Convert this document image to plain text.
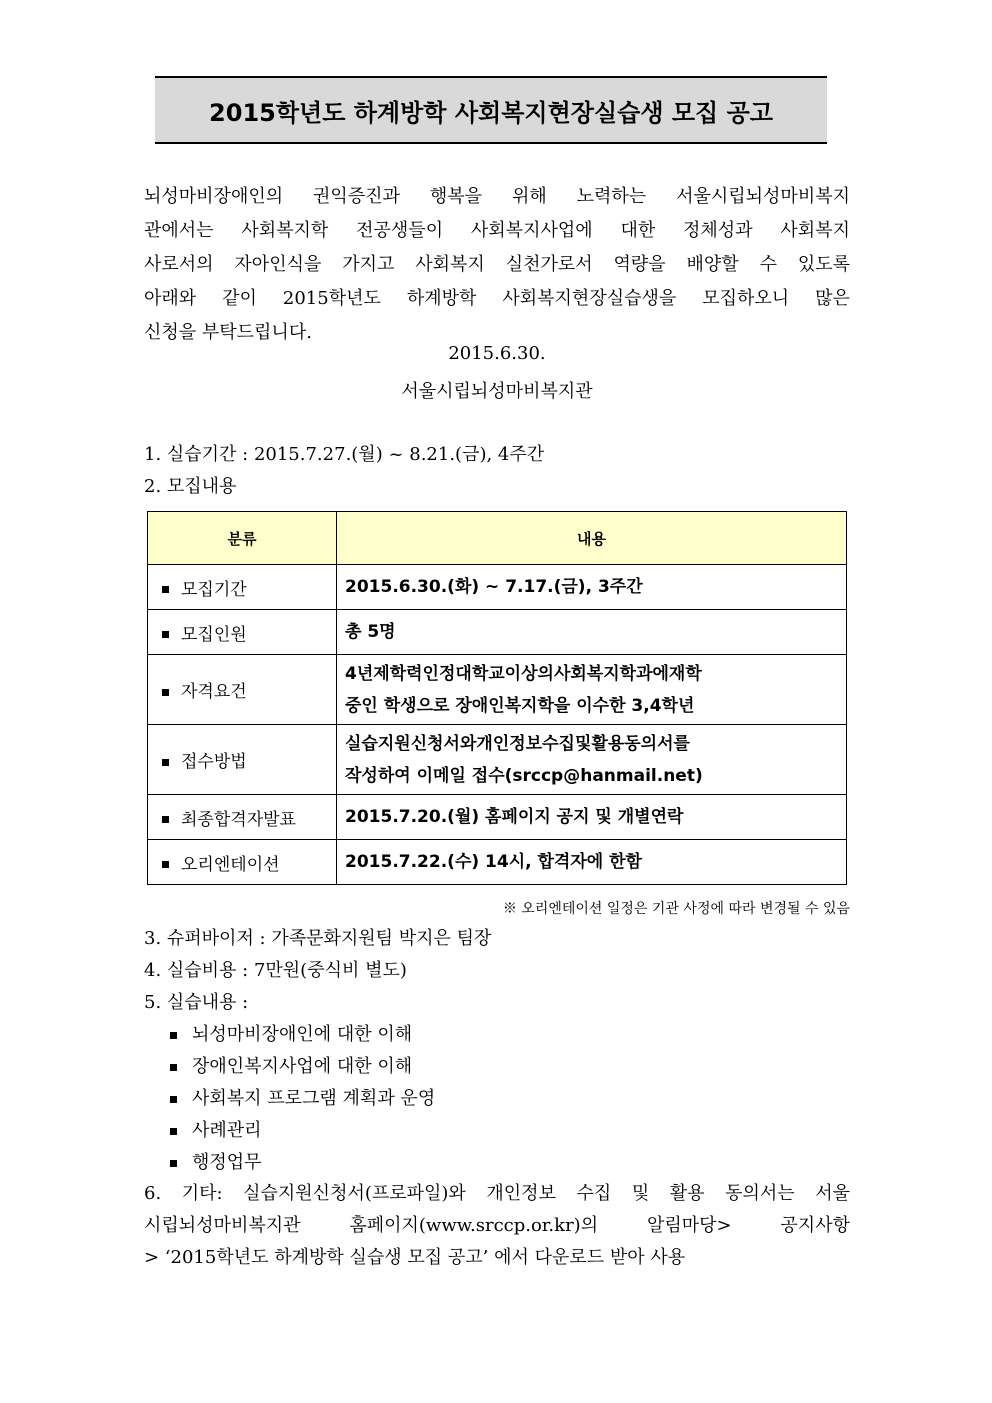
2015학년도 하계방학 사회복지현장실습생 모집 공고
뇌성마비장애인의 권익증진과 행복을 위해 노력하는 서울시립뇌성마비복지
관에서는 사회복지학 전공생들이 사회복지사업에 대한 정체성과 사회복지
사로서의 자아인식을 가지고 사회복지 실천가로서 역량을 배양할 수 있도록
아래와 같이 2015학년도 하계방학 사회복지현장실습생을 모집하오니 많은
신청을 부탁드립니다.
2015.6.30.
서울시립뇌성마비복지관
1. 실습기간 : 2015.7.27.(월) ~ 8.21.(금), 4주간
2. 모집내용
분류	내용
모집기간	2015.6.30.(화) ~ 7.17.(금), 3주간

모집인원	총 5명

자격요건	4년제학력인정대학교이상의사회복지학과에재학
중인 학생으로 장애인복지학을 이수한 3,4학년

접수방법	실습지원신청서와개인정보수집및활용동의서를
작성하여 이메일 접수(srccp@hanmail.net)

최종합격자발표	2015.7.20.(월) 홈페이지 공지 및 개별연락

오리엔테이션	2015.7.22.(수) 14시, 합격자에 한함
※ 오리엔테이션 일정은 기관 사정에 따라 변경될 수 있음
3. 슈퍼바이저 : 가족문화지원팀 박지은 팀장
4. 실습비용 : 7만원(중식비 별도)
5. 실습내용 :
뇌성마비장애인에 대한 이해
장애인복지사업에 대한 이해
사회복지 프로그램 계획과 운영
사례관리
행정업무
6. 기타: 실습지원신청서(프로파일)와 개인정보 수집 및 활용 동의서는 서울
시립뇌성마비복지관	홈페이지(www.srccp.or.kr)의	알림마당>	공지사항
> ‘2015학년도 하계방학 실습생 모집 공고’ 에서 다운로드 받아 사용
